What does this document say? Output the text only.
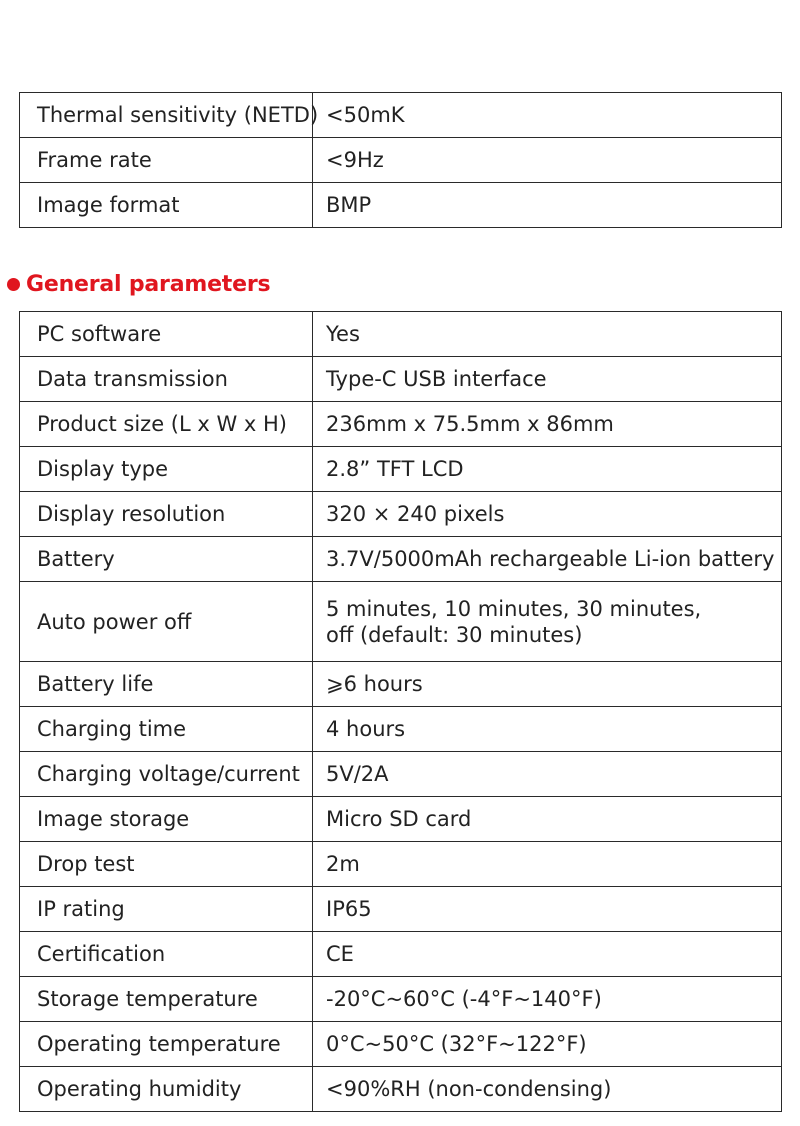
Thermal sensitivity (NETD)	<50mK
Frame rate	<9Hz
Image format	BMP
General parameters
PC software	Yes
Data transmission	Type-C USB interface
Product size (L x W x H)	236mm x 75.5mm x 86mm
Display type	2.8” TFT LCD
Display resolution	320 × 240 pixels
Battery	3.7V/5000mAh rechargeable Li-ion battery
Auto power off	5 minutes, 10 minutes, 30 minutes,
off (default: 30 minutes)

Battery life	⩾6 hours
Charging time	4 hours
Charging voltage/current	5V/2A
Image storage	Micro SD card
Drop test	2m
IP rating	IP65
Certification	CE
Storage temperature	-20°C~60°C (-4°F~140°F)
Operating temperature	0°C~50°C (32°F~122°F)
Operating humidity	<90%RH (non-condensing)
